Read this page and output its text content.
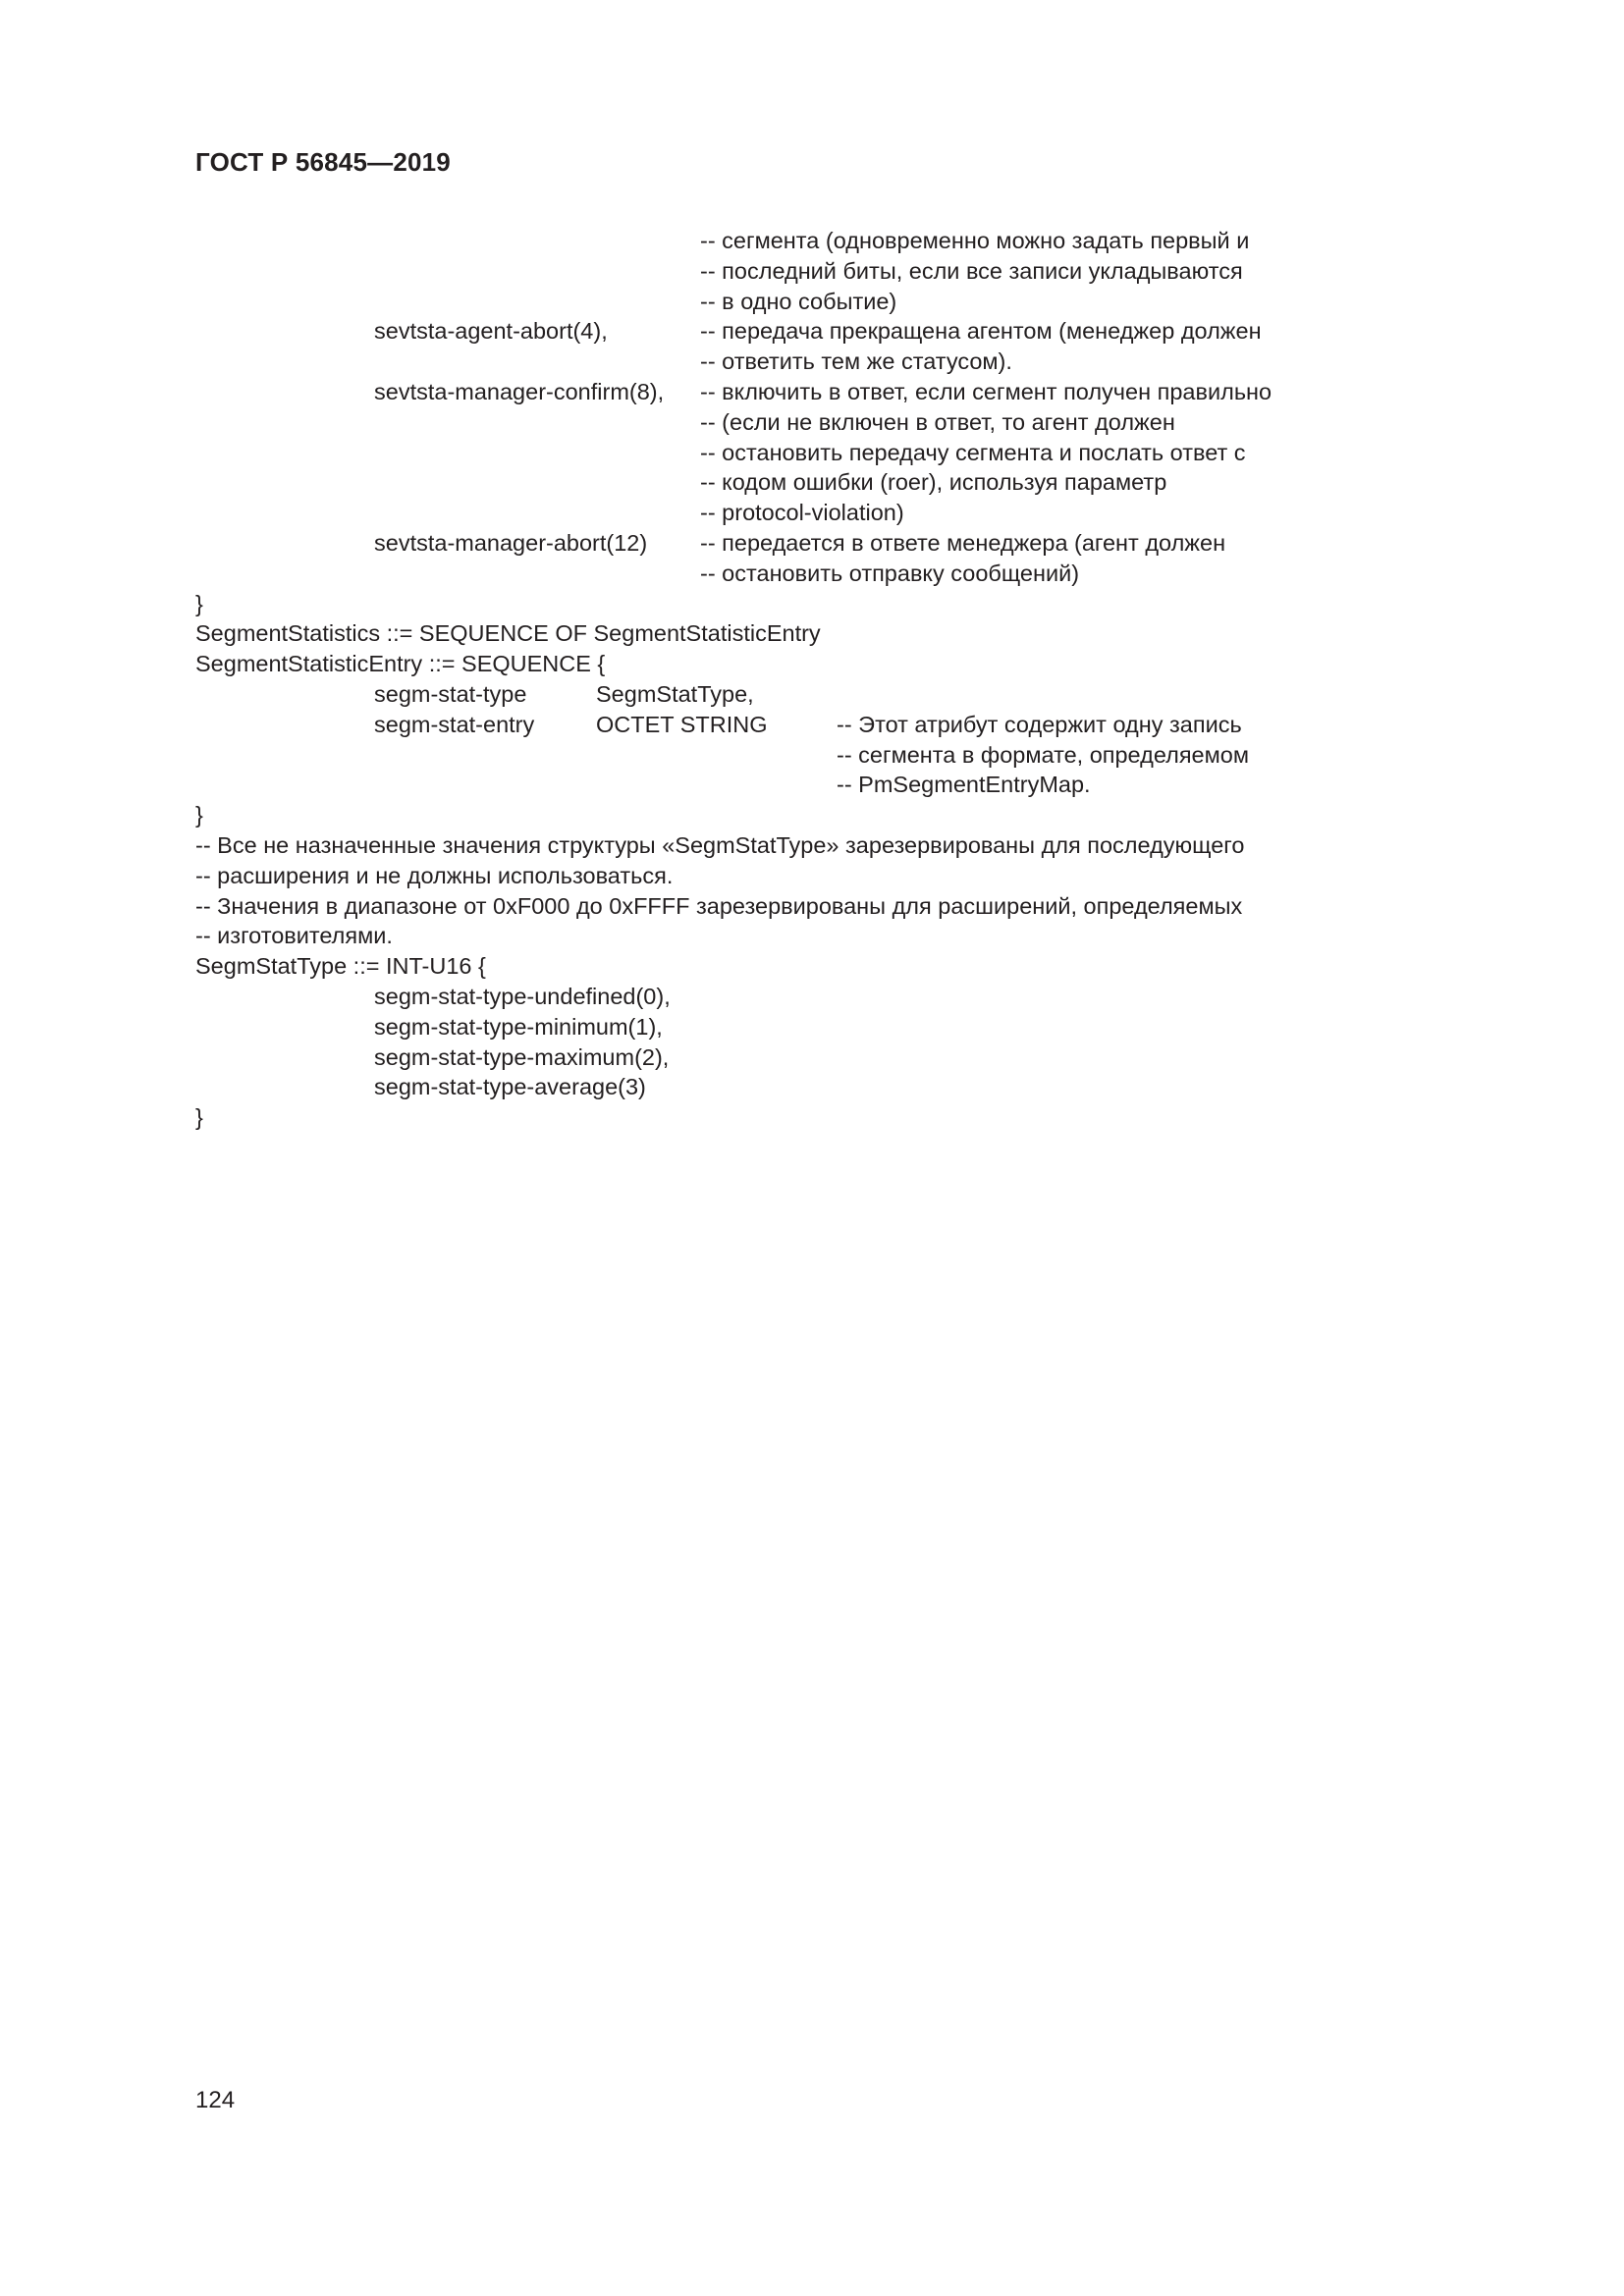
ГОСТ Р 56845—2019
-- сегмента (одновременно можно задать первый и
-- последний биты, если все записи укладываются
-- в одно событие)
sevtsta-agent-abort(4),	-- передача прекращена агентом (менеджер должен
-- ответить тем же статусом).
sevtsta-manager-confirm(8), -- включить в ответ, если сегмент получен правильно
-- (если не включен в ответ, то агент должен
-- остановить передачу сегмента и послать ответ с
-- кодом ошибки (roer), используя параметр
-- protocol-violation)
sevtsta-manager-abort(12) -- передается в ответе менеджера (агент должен
-- остановить отправку сообщений)
}
SegmentStatistics ::= SEQUENCE OF SegmentStatisticEntry
SegmentStatisticEntry ::= SEQUENCE {
segm-stat-type	SegmStatType,
segm-stat-entry	OCTET STRING	-- Этот атрибут содержит одну запись
-- сегмента в формате, определяемом
-- PmSegmentEntryMap.
}
-- Все не назначенные значения структуры «SegmStatType» зарезервированы для последующего
-- расширения и не должны использоваться.
-- Значения в диапазоне от 0xF000 до 0xFFFF зарезервированы для расширений, определяемых
-- изготовителями.
SegmStatType ::= INT-U16 {
segm-stat-type-undefined(0),
segm-stat-type-minimum(1),
segm-stat-type-maximum(2),
segm-stat-type-average(3)
}
124
